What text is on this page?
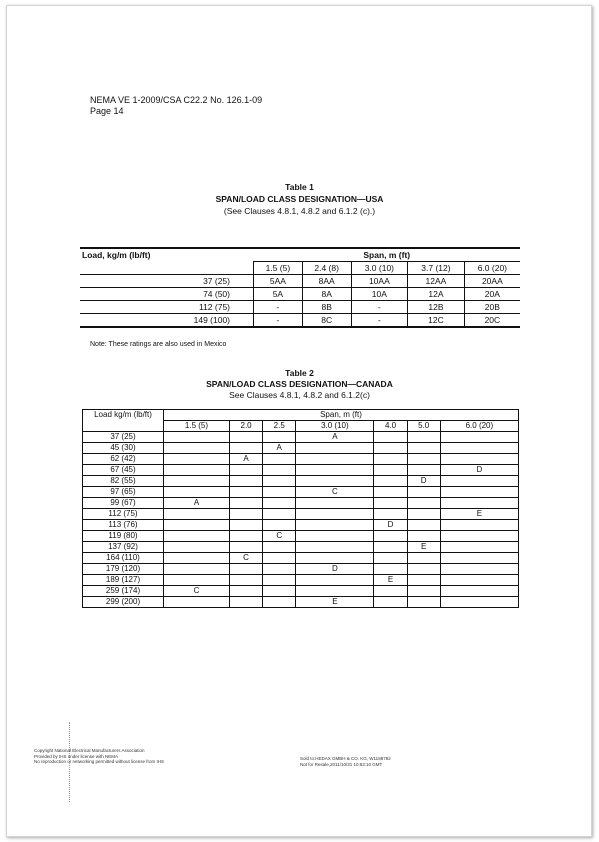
NEMA VE 1-2009/CSA C22.2 No. 126.1-09
Page 14
Table 1
SPAN/LOAD CLASS DESIGNATION—USA
(See Clauses 4.8.1, 4.8.2 and 6.1.2 (c).)
Load, kg/m (lb/ft)	Span, m (ft)				
	1.5 (5)	2.4 (8)	3.0 (10)	3.7 (12)	6.0 (20)
37 (25)	5AA	8AA	10AA	12AA	20AA
74 (50)	5A	8A	10A	12A	20A
112 (75)	-	8B	-	12B	20B
149 (100)	-	8C	-	12C	20C
Note: These ratings are also used in Mexico
Table 2
SPAN/LOAD CLASS DESIGNATION—CANADA
See Clauses 4.8.1, 4.8.2 and 6.1.2(c)
Load kg/m (lb/ft)	Span, m (ft)						
	1.5 (5)	2.0	2.5	3.0 (10)	4.0	5.0	6.0 (20)
37 (25)				A			
45 (30)			A				
62 (42)		A					
67 (45)							D
82 (55)						D	
97 (65)				C			
99 (67)	A						
112 (75)							E
113 (76)					D		
119 (80)			C				
137 (92)						E	
164 (110)		C					
179 (120)				D			
189 (127)					E		
259 (174)	C						
299 (200)				E			
Copyright National Electrical Manufacturers Association
Provided by IHS under license with NEMA
No reproduction or networking permitted without license from IHS
Sold to:HEDAX GMBH & CO. KG, W1188782
Not for Resale,2011/10/31 10:53:10 GMT
